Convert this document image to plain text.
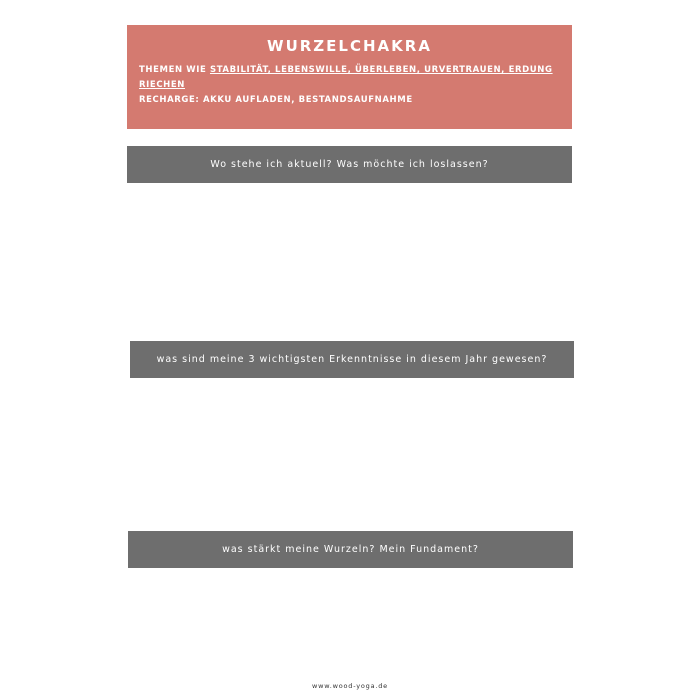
WURZELCHAKRA
THEMEN WIE STABILITÄT, LEBENSWILLE, ÜBERLEBEN, URVERTRAUEN, ERDUNG
RIECHEN
RECHARGE: AKKU AUFLADEN, BESTANDSAUFNAHME
Wo stehe ich aktuell? Was möchte ich loslassen?
was sind meine 3 wichtigsten Erkenntnisse in diesem Jahr gewesen?
was stärkt meine Wurzeln? Mein Fundament?
www.wood-yoga.de
